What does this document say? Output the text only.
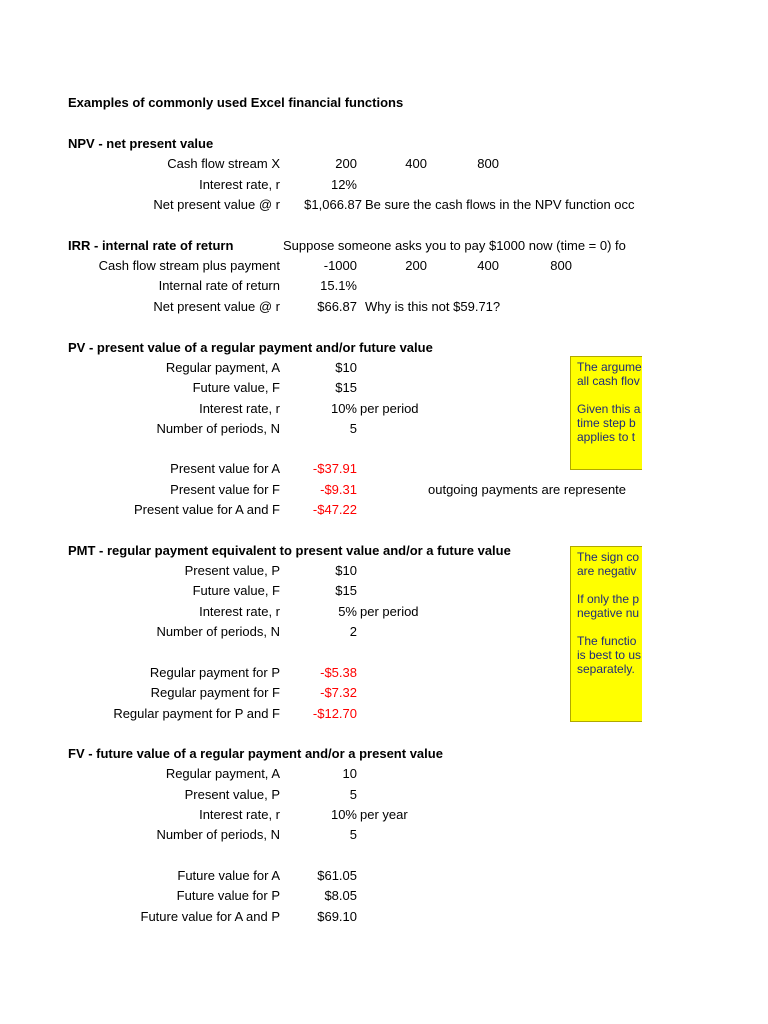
Examples of commonly used Excel financial functions
NPV - net present value
Cash flow stream X	200	400	800
Interest rate, r	12%
Net present value @ r	$1,066.87 Be sure the cash flows in the NPV function occ
IRR - internal rate of return	Suppose someone asks you to pay $1000 now (time = 0) fo
Cash flow stream plus payment	-1000	200	400	800
Internal rate of return	15.1%
Net present value @ r	$66.87 Why is this not $59.71?
PV - present value of a regular payment and/or future value
Regular payment, A	$10
Future value, F	$15
Interest rate, r	10% per period
Number of periods, N	5
Present value for A	-$37.91
Present value for F	-$9.31	outgoing payments are represente
Present value for A and F	-$47.22
The argume
all cash flov
Given this a
time step b
applies to t
PMT - regular payment equivalent to present value and/or a future value
Present value, P	$10
Future value, F	$15
Interest rate, r	5% per period
Number of periods, N	2
Regular payment for P	-$5.38
Regular payment for F	-$7.32
Regular payment for P and F	-$12.70
The sign co
are negativ
If only the p
negative nu
The functio
is best to us
separately.
FV - future value of a regular payment and/or a present value
Regular payment, A	10
Present value, P	5
Interest rate, r	10% per year
Number of periods, N	5
Future value for A	$61.05
Future value for P	$8.05
Future value for A and P	$69.10
